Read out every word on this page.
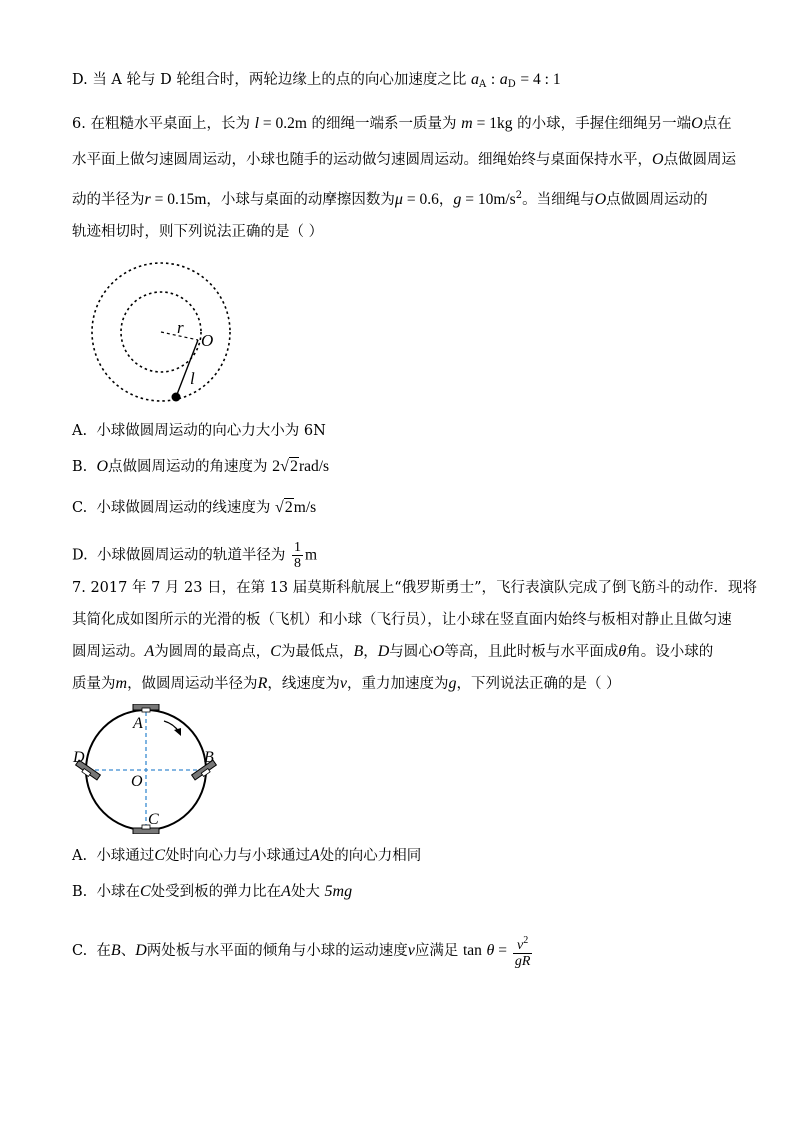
D. 当 A 轮与 D 轮组合时，两轮边缘上的点的向心加速度之比 $a_A$ : $a_D = 4$ : 1
6. 在粗糙水平桌面上，长为 l = 0.2m 的细绳一端系一质量为 m = 1kg 的小球，手握住细绳另一端O点在
水平面上做匀速圆周运动，小球也随手的运动做匀速圆周运动。细绳始终与桌面保持水平，O点做圆周运
动的半径为r = 0.15m，小球与桌面的动摩擦因数为μ = 0.6，$g = 10m/s^2$。当细绳与O点做圆周运动的
轨迹相切时，则下列说法正确的是（ ）
r
O
l
A. 小球做圆周运动的向心力大小为 6N
B. O点做圆周运动的角速度为 2√2rad/s
C. 小球做圆周运动的线速度为 √2m/s
D. 小球做圆周运动的轨道半径为 $\frac{1}{8}$ m
7. 2017 年 7 月 23 日，在第 13 届莫斯科航展上“俄罗斯勇士”，飞行表演队完成了倒飞筋斗的动作．现将
其简化成如图所示的光滑的板（飞机）和小球（飞行员），让小球在竖直面内始终与板相对静止且做匀速
圆周运动。A为圆周的最高点，C为最低点，B，D与圆心O等高，且此时板与水平面成θ角。设小球的
质量为m，做圆周运动半径为R，线速度为v，重力加速度为g，下列说法正确的是（ ）
A
B
C
D
O
A. 小球通过C处时向心力与小球通过A处的向心力相同
B. 小球在C处受到板的弹力比在A处大 5mg
C. 在B、D两处板与水平面的倾角与小球的运动速度v应满足 $\tan \theta = \frac{v^2}{gR}$
